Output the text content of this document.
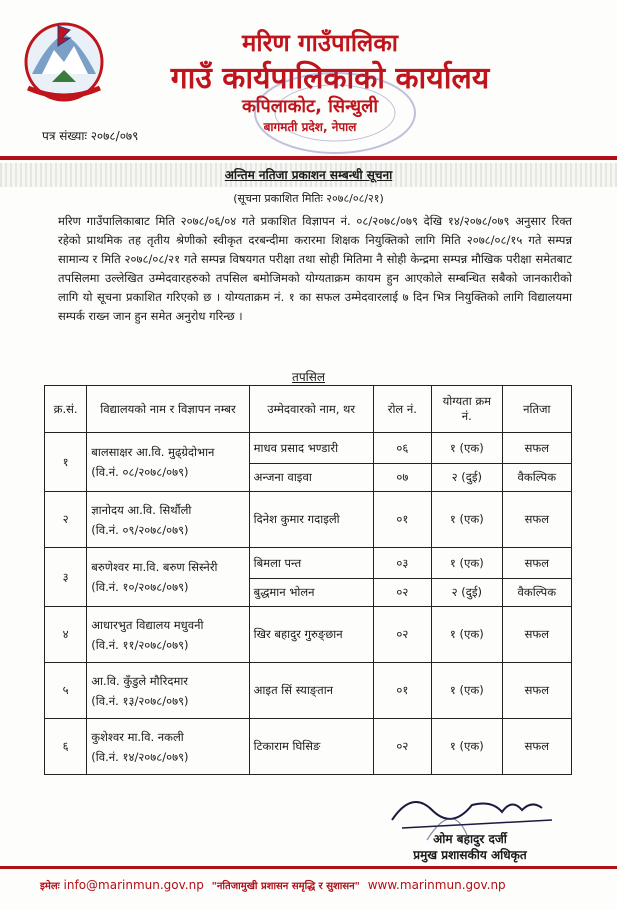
मरिण गाउँपालिका
गाउँ कार्यपालिकाको कार्यालय
कपिलाकोट, सिन्धुली
बागमती प्रदेश, नेपाल
पत्र संख्याः २०७८/०७९
अन्तिम नतिजा प्रकाशन सम्बन्धी सूचना
(सूचना प्रकाशित मितिः २०७८/०८/२१)
मरिण गाउँपालिकाबाट मिति २०७८/०६/०४ गते प्रकाशित विज्ञापन नं. ०८/२०७८/०७९ देखि १४/२०७८/०७९ अनुसार रिक्त रहेको प्राथमिक तह तृतीय श्रेणीको स्वीकृत दरबन्दीमा करारमा शिक्षक नियुक्तिको लागि मिति २०७८/०८/१५ गते सम्पन्न सामान्य र मिति २०७८/०८/२१ गते सम्पन्न विषयगत परीक्षा तथा सोही मितिमा नै सोही केन्द्रमा सम्पन्न मौखिक परीक्षा समेतबाट तपसिलमा उल्लेखित उम्मेदवारहरुको तपसिल बमोजिमको योग्यताक्रम कायम हुन आएकोले सम्बन्धित सबैको जानकारीको लागि यो सूचना प्रकाशित गरिएको छ । योग्यताक्रम नं. १ का सफल उम्मेदवारलाई ७ दिन भित्र नियुक्तिको लागि विद्यालयमा सम्पर्क राख्न जान हुन समेत अनुरोध गरिन्छ ।
तपसिल
क्र.सं.	विद्यालयको नाम र विज्ञापन नम्बर	उम्मेदवारको नाम, थर	रोल नं.	योग्यता क्रम नं.	नतिजा
१	बालसाक्षर आ.वि. मुढ्ग्रेदोभान
(वि.नं. ०८/२०७८/०७९)	माधव प्रसाद भण्डारी	०६	१ (एक)	सफल
		अन्जना वाइवा	०७	२ (दुई)	वैकल्पिक
२	ज्ञानोदय आ.वि. सिर्थौली
(वि.नं. ०९/२०७८/०७९)	दिनेश कुमार गदाइली	०१	१ (एक)	सफल
३	बरुणेश्वर मा.वि. बरुण सिस्नेरी
(वि.नं. १०/२०७८/०७९)	बिमला पन्त	०३	१ (एक)	सफल
		बुद्धमान भोलन	०२	२ (दुई)	वैकल्पिक
४	आधारभुत विद्यालय मधुवनी
(वि.नं. ११/२०७८/०७९)	खिर बहादुर गुरुङ्छान	०२	१ (एक)	सफल
५	आ.वि. कुँडुले मौरिदमार
(वि.नं. १३/२०७८/०७९)	आइत सिं स्याङ्तान	०१	१ (एक)	सफल
६	कुशेश्वर मा.वि. नकली
(वि.नं. १४/२०७८/०७९)	टिकाराम घिसिङ	०२	१ (एक)	सफल
ओम बहादुर दर्जी
प्रमुख प्रशासकीय अधिकृत
इमेलः info@marinmun.gov.np "नतिजामुखी प्रशासन समृद्धि र सुशासन" www.marinmun.gov.np
